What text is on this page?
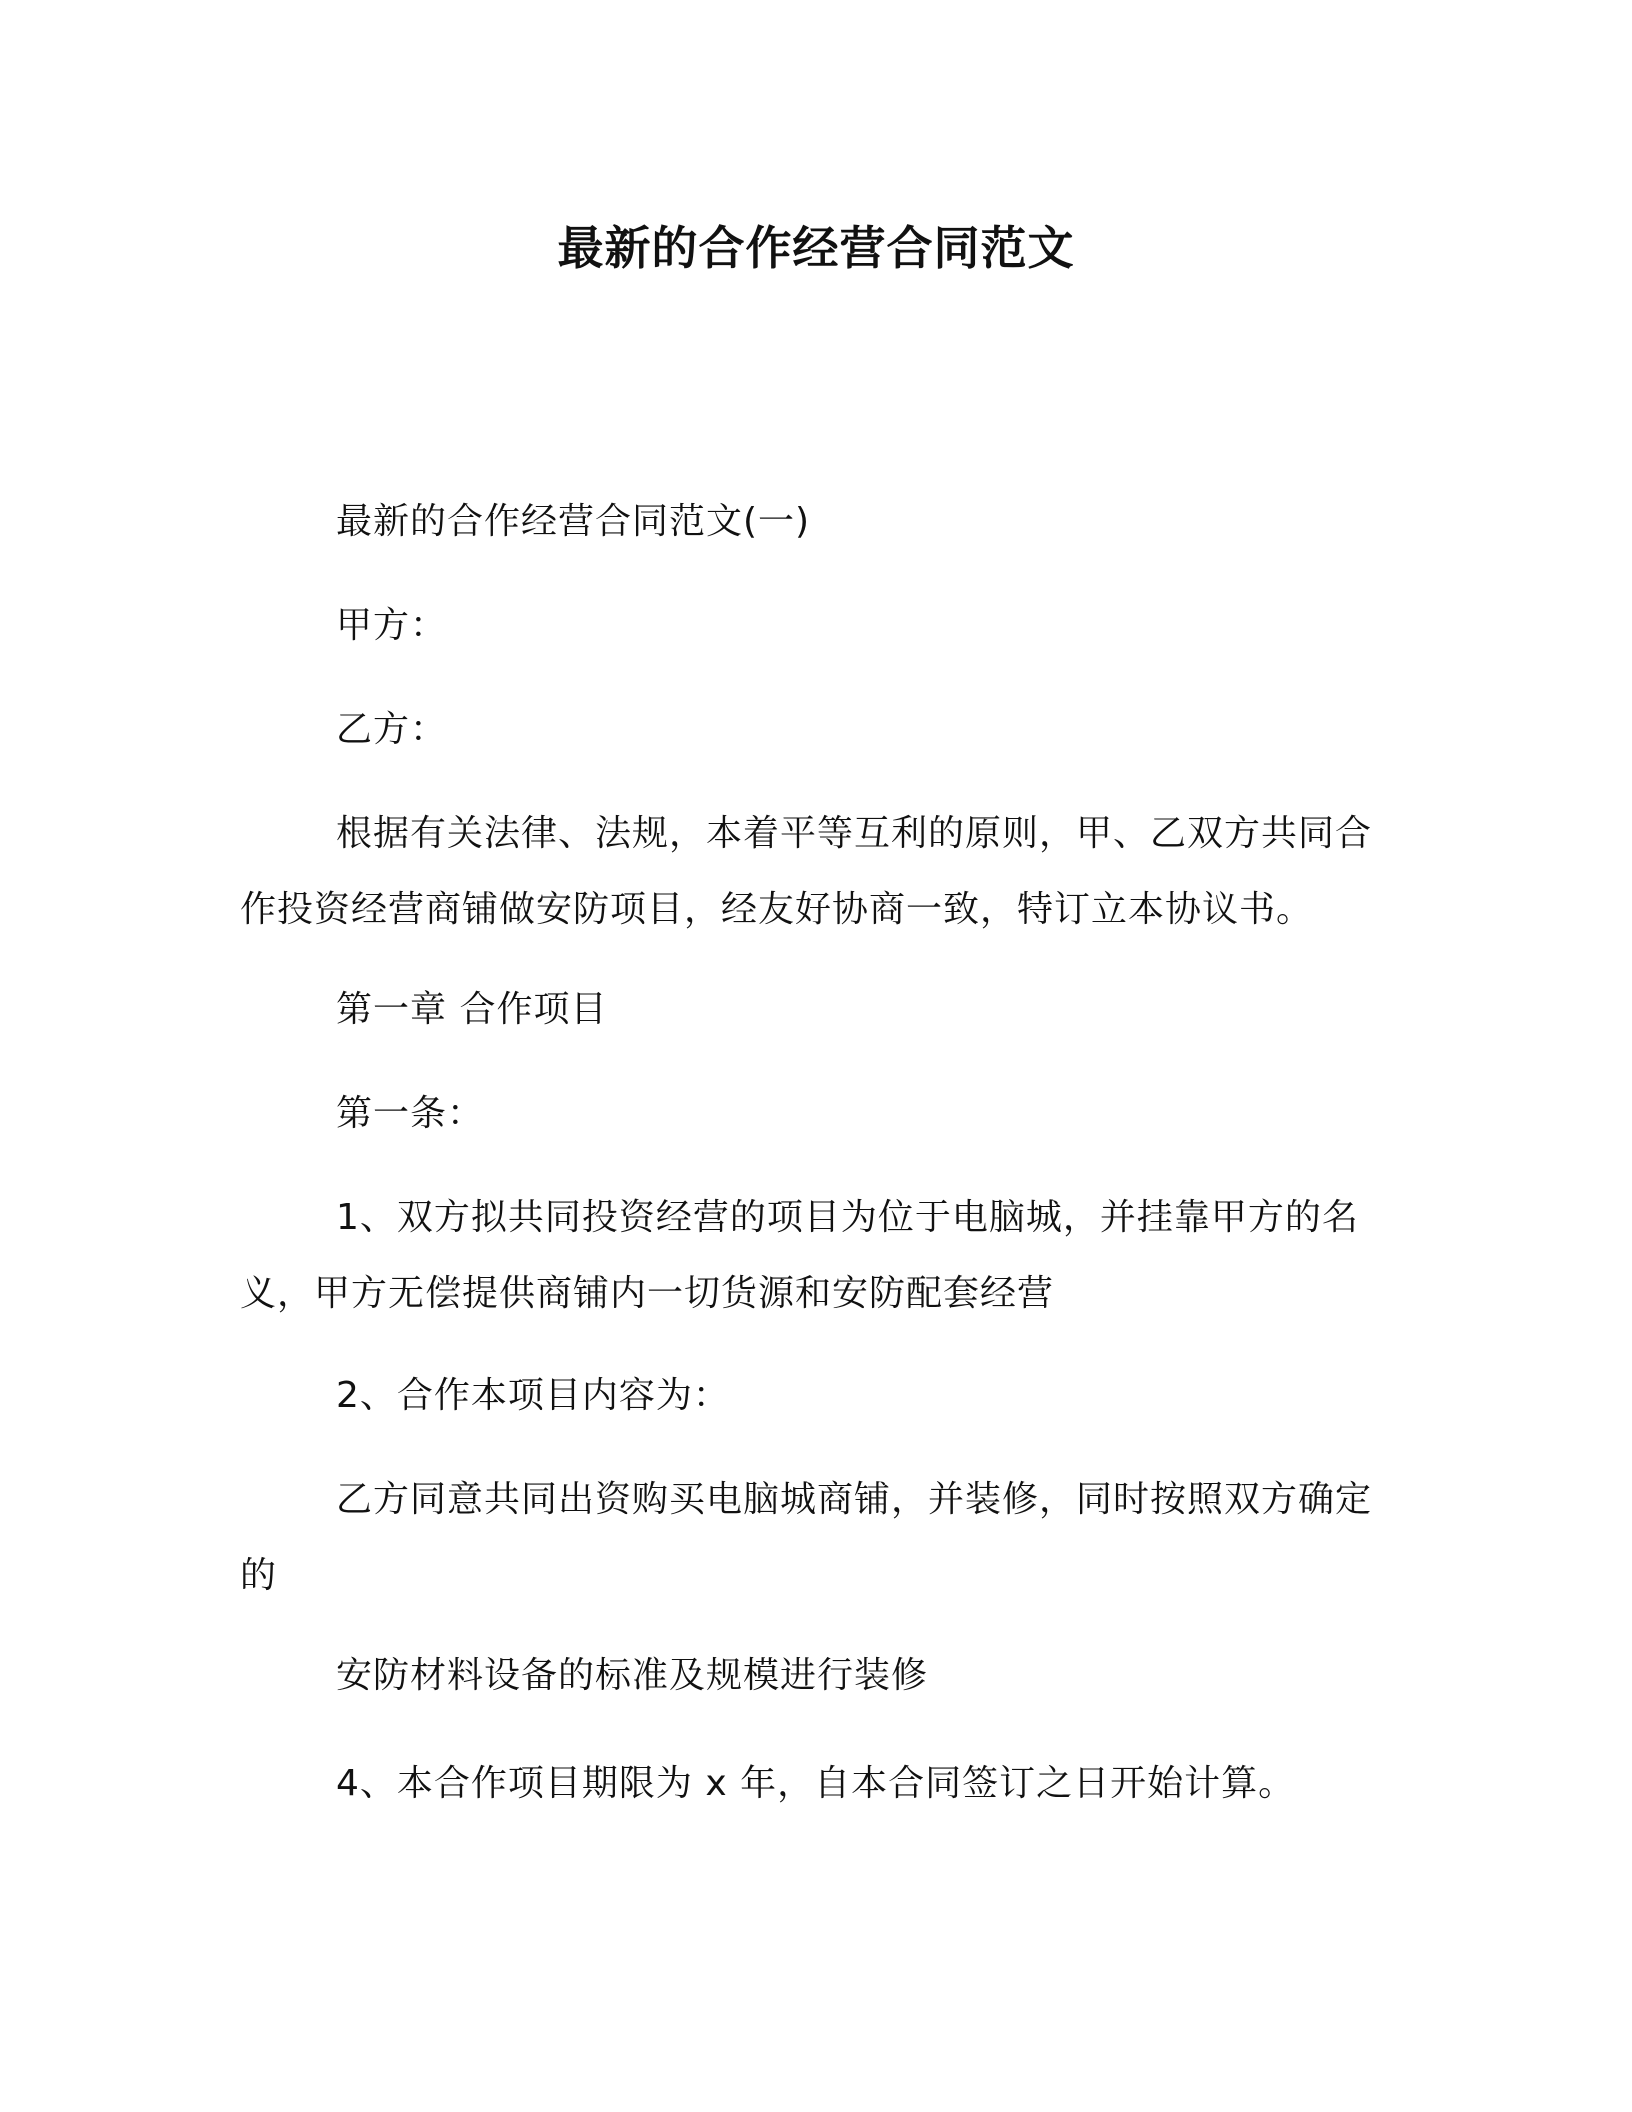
最新的合作经营合同范文

最新的合作经营合同范文(一)

甲方：

乙方：

根据有关法律、法规，本着平等互利的原则，甲、乙双方共同合作投资经营商铺做安防项目，经友好协商一致，特订立本协议书。

第一章 合作项目

第一条：

1、双方拟共同投资经营的项目为位于电脑城，并挂靠甲方的名义，甲方无偿提供商铺内一切货源和安防配套经营

2、合作本项目内容为：

乙方同意共同出资购买电脑城商铺，并装修，同时按照双方确定的

安防材料设备的标准及规模进行装修

4、本合作项目期限为 x 年，自本合同签订之日开始计算。
